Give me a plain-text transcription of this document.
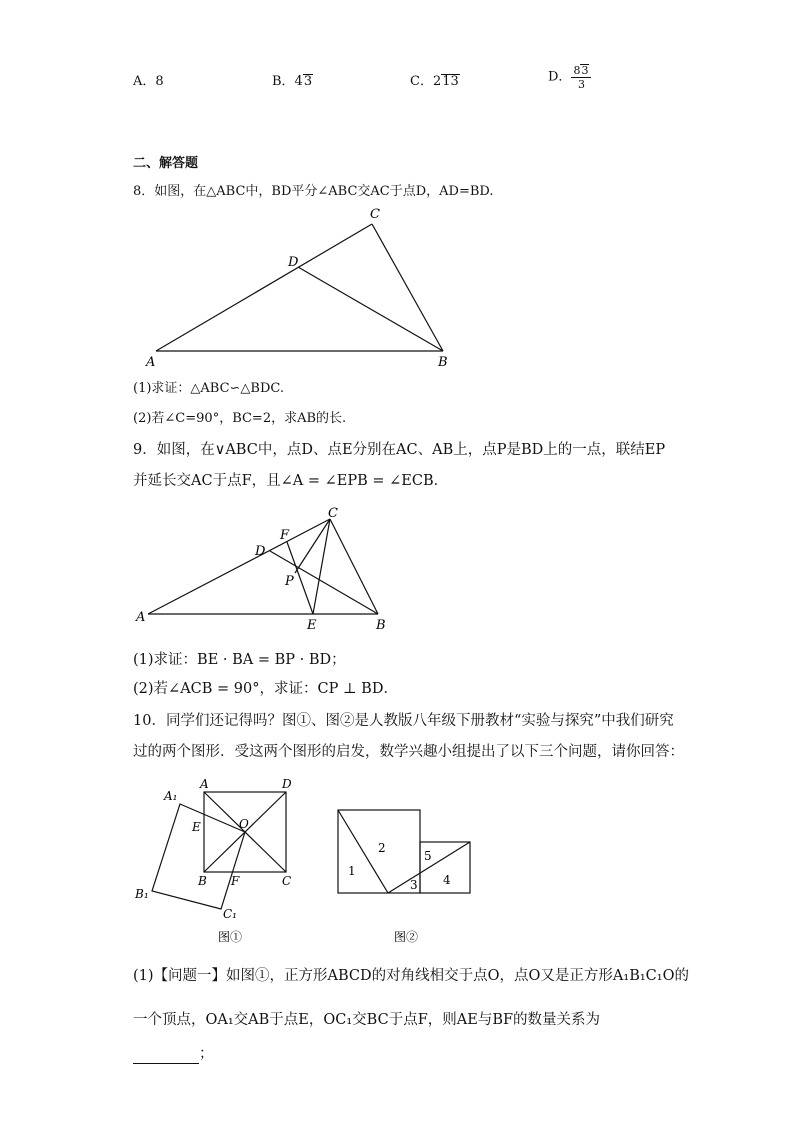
A．8	B．43	C．213	D． $\frac{83}{3}$
二、解答题
8．如图，在△ABC中，BD平分∠ABC交AC于点D，AD=BD.
A	B
C
D
(1)求证：△ABC∽△BDC.
(2)若∠C=90°，BC=2，求AB的长.
9．如图，在∨ABC中，点D、点E分别在AC、AB上，点P是BD上的一点，联结EP
并延长交AC于点F，且∠A = ∠EPB = ∠ECB．
A
B
C
D
E
F
P
(1)求证：BE · BA = BP · BD；
(2)若∠ACB = 90°，求证：CP ⊥ BD．
10．同学们还记得吗？图①、图②是人教版八年级下册教材“实验与探究”中我们研究
过的两个图形．受这两个图形的启发，数学兴趣小组提出了以下三个问题，请你回答：
A	D
A₁
E	O
B F	C
B₁
C₁
图①
1
2
3 4
5
图②
(1)【问题一】如图①，正方形ABCD的对角线相交于点O，点O又是正方形A₁B₁C₁O的
一个顶点，OA₁交AB于点E，OC₁交BC于点F，则AE与BF的数量关系为
；
